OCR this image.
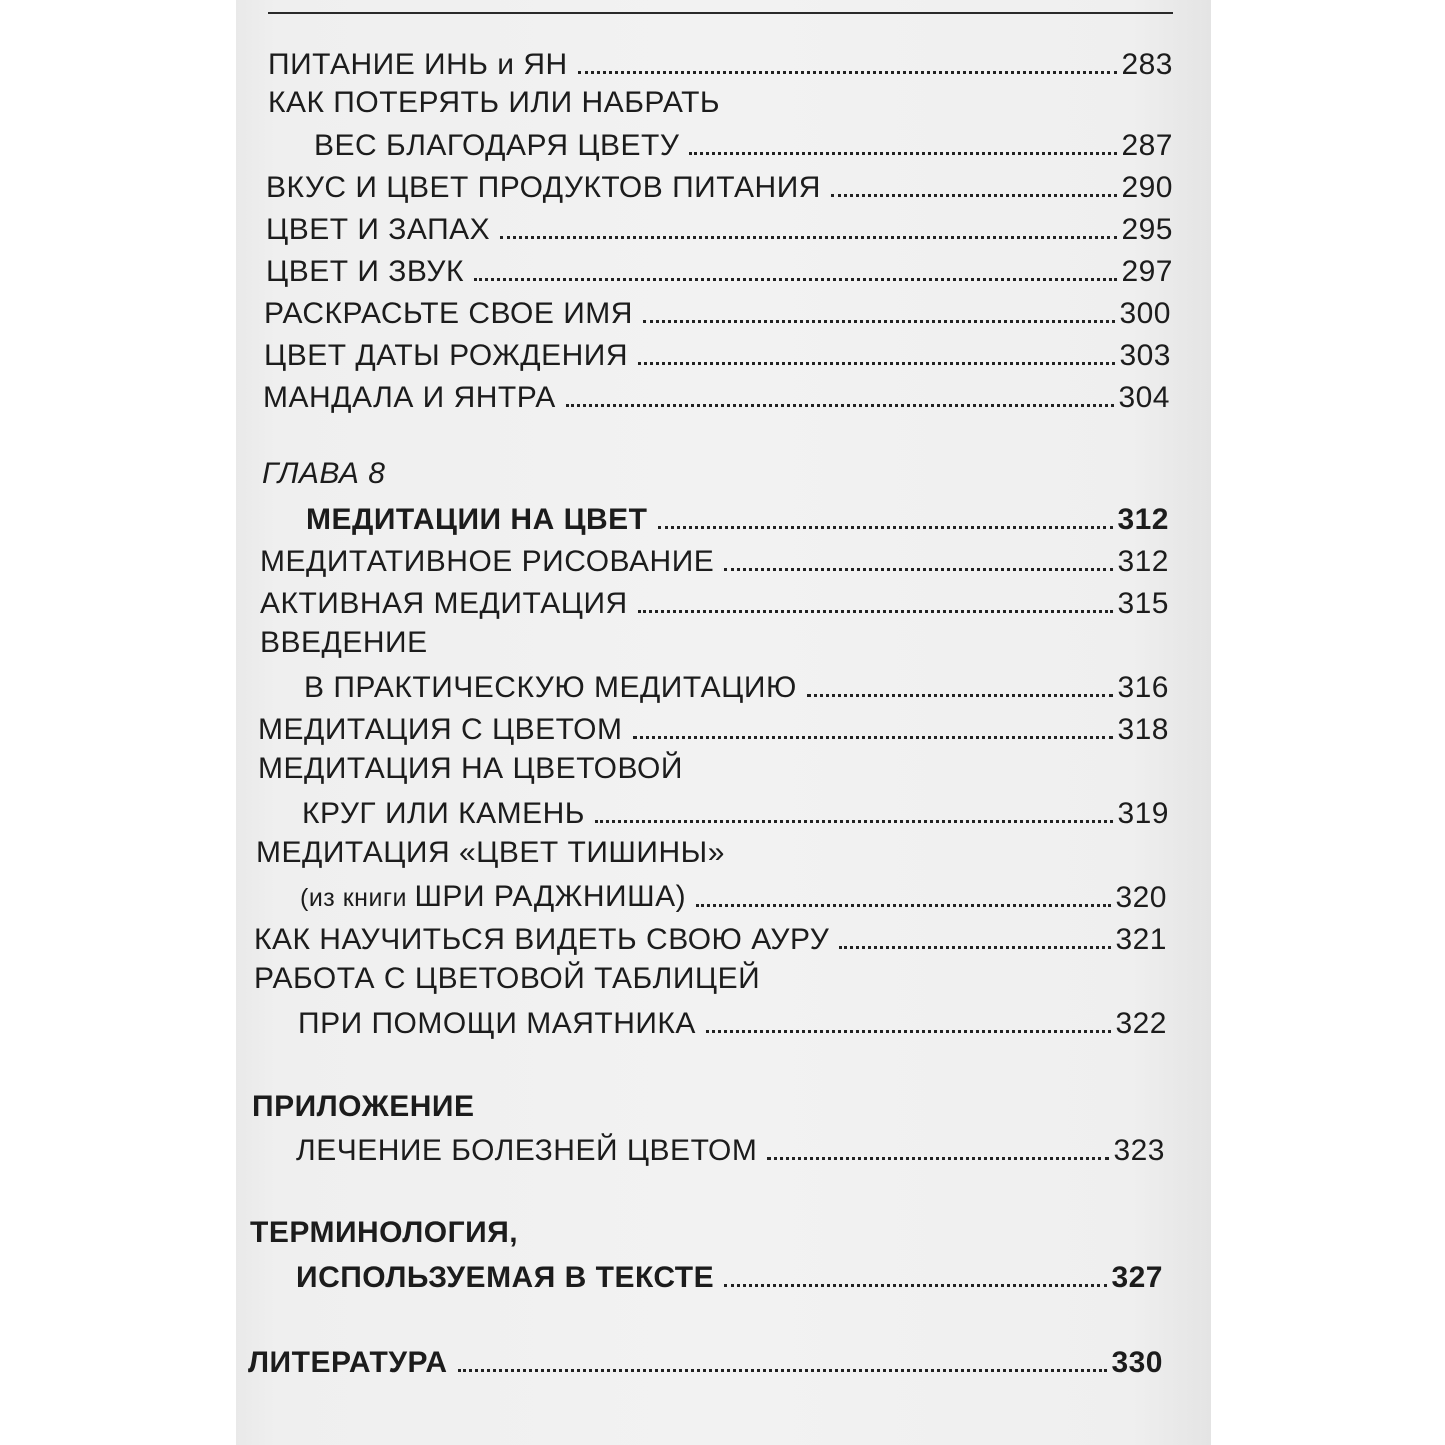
ПИТАНИЕ ИНЬ и ЯН	283
КАК ПОТЕРЯТЬ ИЛИ НАБРАТЬ
ВЕС БЛАГОДАРЯ ЦВЕТУ	287
ВКУС И ЦВЕТ ПРОДУКТОВ ПИТАНИЯ	290
ЦВЕТ И ЗАПАХ	295
ЦВЕТ И ЗВУК	297
РАСКРАСЬТЕ СВОЕ ИМЯ	300
ЦВЕТ ДАТЫ РОЖДЕНИЯ	303
МАНДАЛА И ЯНТРА	304
ГЛАВА 8
МЕДИТАЦИИ НА ЦВЕТ	312
МЕДИТАТИВНОЕ РИСОВАНИЕ	312
АКТИВНАЯ МЕДИТАЦИЯ	315
ВВЕДЕНИЕ
В ПРАКТИЧЕСКУЮ МЕДИТАЦИЮ	316
МЕДИТАЦИЯ С ЦВЕТОМ	318
МЕДИТАЦИЯ НА ЦВЕТОВОЙ
КРУГ ИЛИ КАМЕНЬ	319
МЕДИТАЦИЯ «ЦВЕТ ТИШИНЫ»
(из книги ШРИ РАДЖНИША)	320
КАК НАУЧИТЬСЯ ВИДЕТЬ СВОЮ АУРУ	321
РАБОТА С ЦВЕТОВОЙ ТАБЛИЦЕЙ
ПРИ ПОМОЩИ МАЯТНИКА	322
ПРИЛОЖЕНИЕ
ЛЕЧЕНИЕ БОЛЕЗНЕЙ ЦВЕТОМ	323
ТЕРМИНОЛОГИЯ,
ИСПОЛЬЗУЕМАЯ В ТЕКСТЕ	327
ЛИТЕРАТУРА	330
